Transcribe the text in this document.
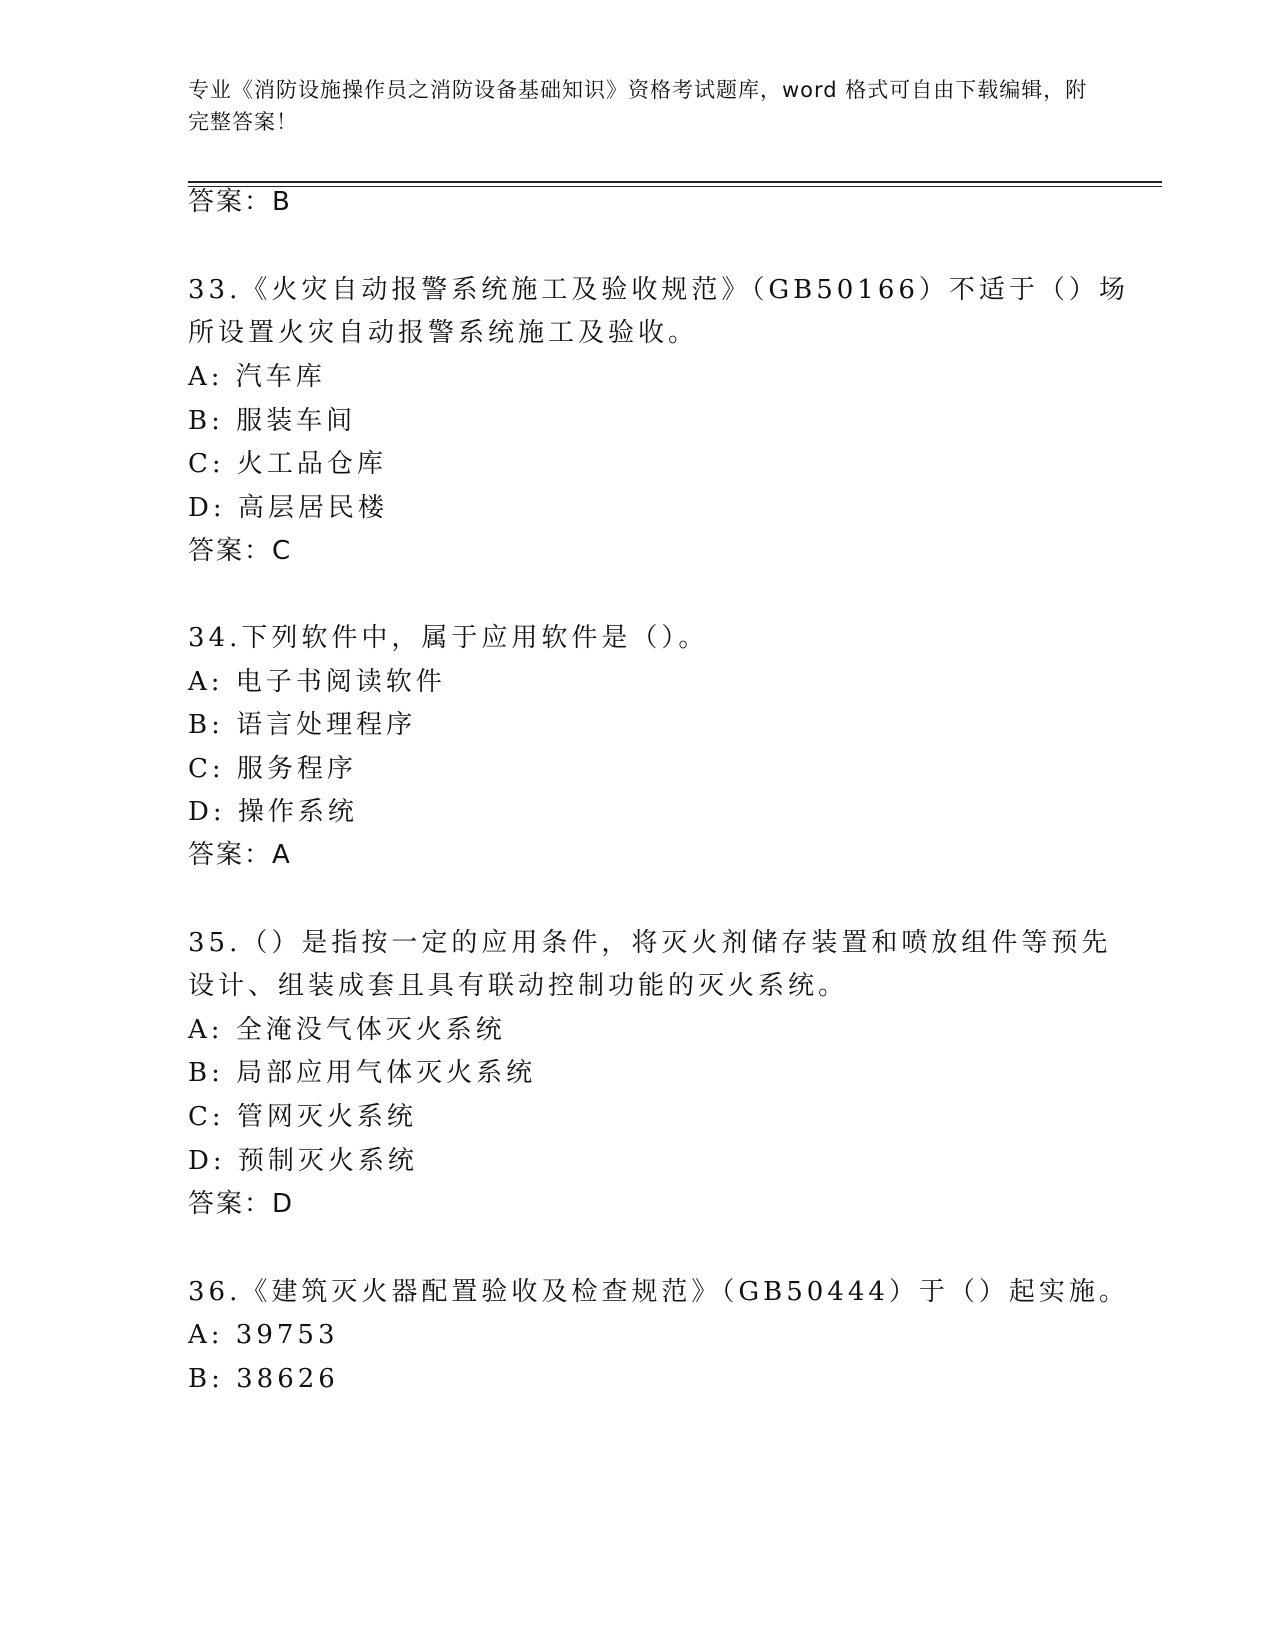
专业《消防设施操作员之消防设备基础知识》资格考试题库，word 格式可自由下载编辑，附完整答案！
答案：B
33.《火灾自动报警系统施工及验收规范》（GB50166）不适于（）场
所设置火灾自动报警系统施工及验收。
A: 汽车库
B: 服装车间
C: 火工品仓库
D: 高层居民楼
答案：C
34.下列软件中，属于应用软件是（）。
A: 电子书阅读软件
B: 语言处理程序
C: 服务程序
D: 操作系统
答案：A
35.（）是指按一定的应用条件，将灭火剂储存装置和喷放组件等预先
设计、组装成套且具有联动控制功能的灭火系统。
A: 全淹没气体灭火系统
B: 局部应用气体灭火系统
C: 管网灭火系统
D: 预制灭火系统
答案：D
36.《建筑灭火器配置验收及检查规范》（GB50444）于（）起实施。
A: 39753
B: 38626
